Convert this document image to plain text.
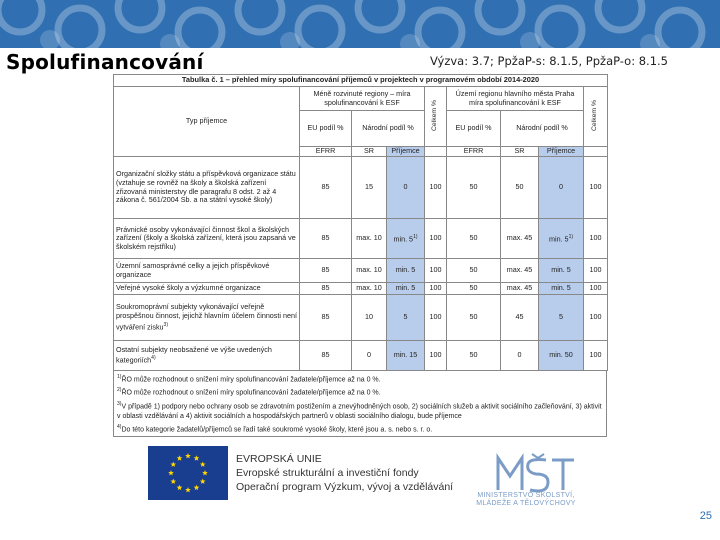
Spolufinancování	Výzva: 3.7; PpžaP-s: 8.1.5, PpžaP-o: 8.1.5
Tabulka č. 1 – přehled míry spolufinancování příjemců v projektech v programovém období 2014-2020								
Typ příjemce	Méně rozvinuté regiony – míra spolufinancování k ESF			Celkem %	Území regionu hlavního města Praha míra spolufinancování k ESF			Celkem %
	EU podíl %	Národní podíl %			EU podíl %	Národní podíl %		
	EFRR	SR	Příjemce		EFRR	SR	Příjemce	
Organizační složky státu a příspěvková organizace státu (vztahuje se rovněž na školy a školská zařízení zřizovaná ministerstvy dle paragrafu 8 odst. 2 až 4 zákona č. 561/2004 Sb. a na státní vysoké školy)	85	15	0	100	50	50	0	100
Právnické osoby vykonávající činnost škol a školských zařízení (školy a školská zařízení, která jsou zapsaná ve školském rejstříku)	85	max. 10	min. 5$^{1)}$	100	50	max. 45	min. 5$^{1)}$	100
Územní samosprávné celky a jejich příspěvkové organizace	85	max. 10	min. 5	100	50	max. 45	min. 5	100
Veřejné vysoké školy a výzkumné organizace	85	max. 10	min. 5	100	50	max. 45	min. 5	100
Soukromoprávní subjekty vykonávající veřejně prospěšnou činnost, jejichž hlavním účelem činnosti není vytváření zisku$^{3)}$	85	10	5	100	50	45	5	100
Ostatní subjekty neobsažené ve výše uvedených kategoriích$^{4)}$	85	0	min. 15	100	50	0	min. 50	100
$^{1)}$ŘO může rozhodnout o snížení míry spolufinancování žadatele/příjemce až na 0 %.
$^{2)}$ŘO může rozhodnout o snížení míry spolufinancování žadatele/příjemce až na 0 %.
$^{3)}$V případě 1) podpory nebo ochrany osob se zdravotním postižením a znevýhodněných osob, 2) sociálních služeb a aktivit sociálního začleňování, 3) aktivit v oblasti vzdělávání a 4) aktivit sociálních a hospodářských partnerů v oblasti sociálního dialogu, bude příjemce
$^{4)}$Do této kategorie žadatelů/příjemců se řadí také soukromé vysoké školy, které jsou a. s. nebo s. r. o.
EVROPSKÁ UNIE
Evropské strukturální a investiční fondy
Operační program Výzkum, vývoj a vzdělávání
MINISTERSTVO ŠKOLSTVÍ,
MLÁDEŽE A TĚLOVÝCHOVY
25
